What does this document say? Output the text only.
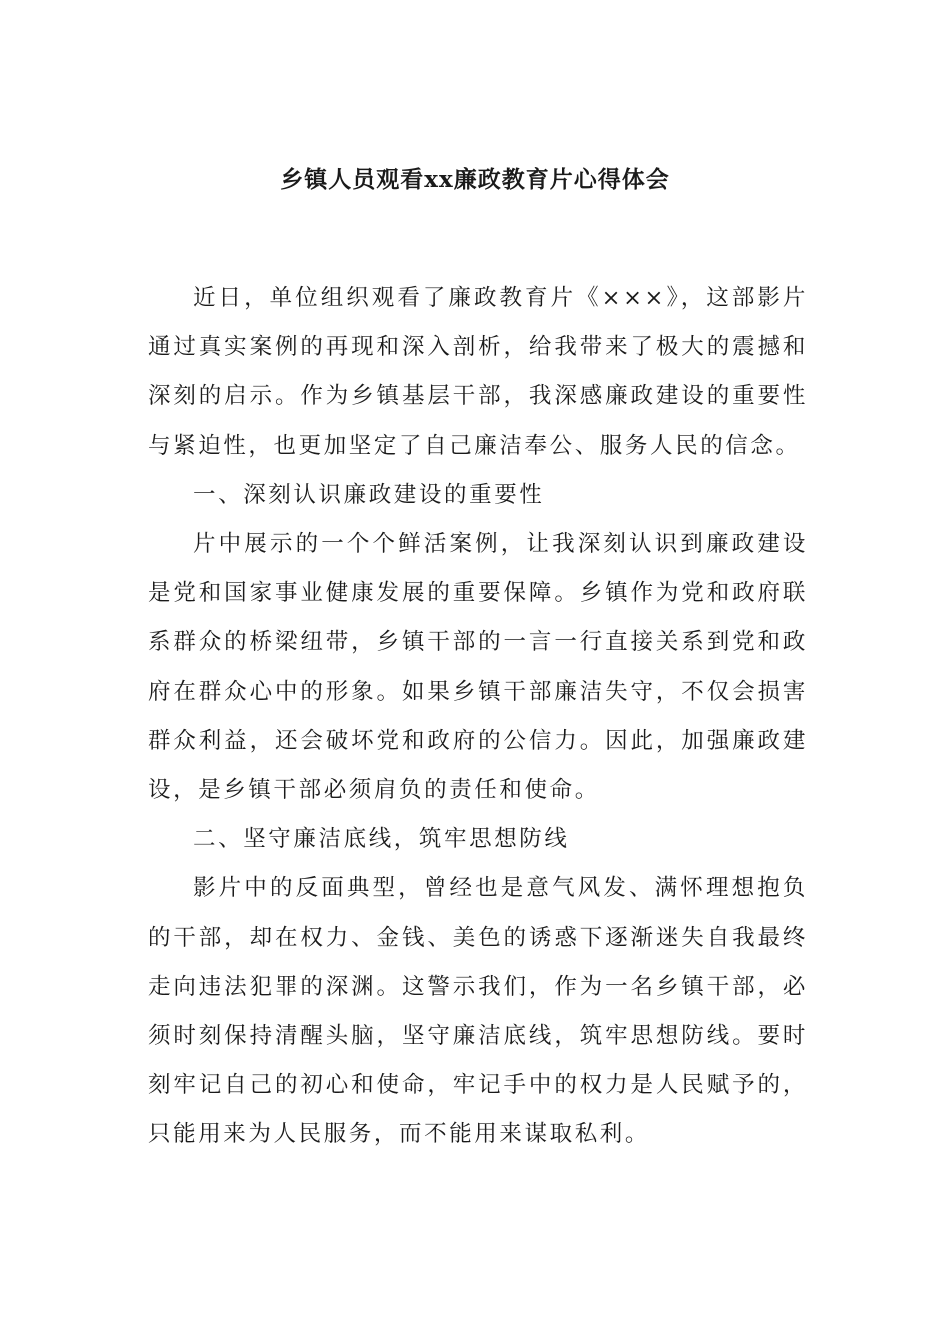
乡镇人员观看xx廉政教育片心得体会

近日，单位组织观看了廉政教育片《×××》，这部影片通过真实案例的再现和深入剖析，给我带来了极大的震撼和深刻的启示。作为乡镇基层干部，我深感廉政建设的重要性与紧迫性，也更加坚定了自己廉洁奉公、服务人民的信念。

一、深刻认识廉政建设的重要性

片中展示的一个个鲜活案例，让我深刻认识到廉政建设是党和国家事业健康发展的重要保障。乡镇作为党和政府联系群众的桥梁纽带，乡镇干部的一言一行直接关系到党和政府在群众心中的形象。如果乡镇干部廉洁失守，不仅会损害群众利益，还会破坏党和政府的公信力。因此，加强廉政建设，是乡镇干部必须肩负的责任和使命。

二、坚守廉洁底线，筑牢思想防线

影片中的反面典型，曾经也是意气风发、满怀理想抱负的干部，却在权力、金钱、美色的诱惑下逐渐迷失自我最终走向违法犯罪的深渊。这警示我们，作为一名乡镇干部，必须时刻保持清醒头脑，坚守廉洁底线，筑牢思想防线。要时刻牢记自己的初心和使命，牢记手中的权力是人民赋予的，只能用来为人民服务，而不能用来谋取私利。
